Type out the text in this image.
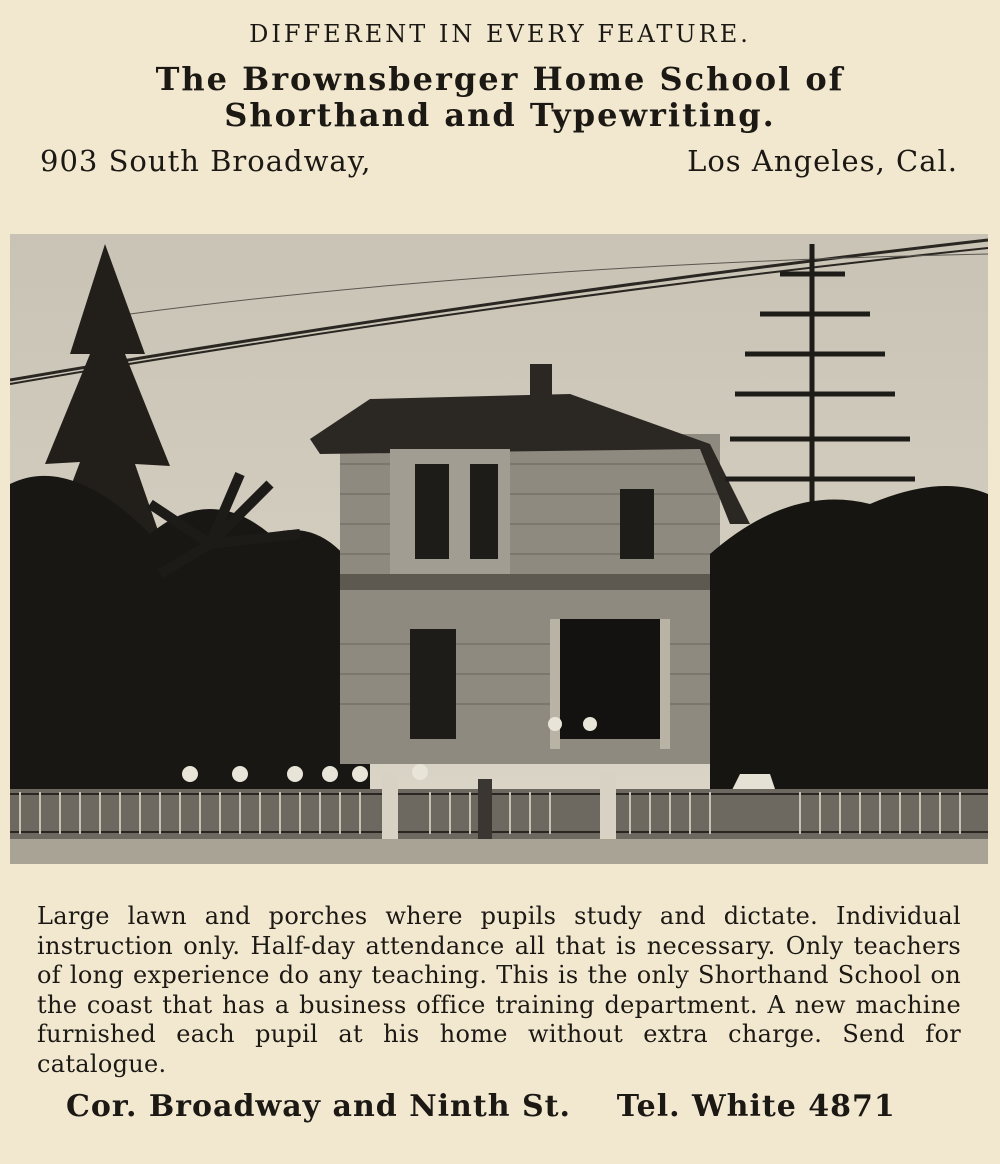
DIFFERENT IN EVERY FEATURE.
The Brownsberger Home School of
Shorthand and Typewriting.
903 South Broadway,	Los Angeles, Cal.
Large lawn and porches where pupils study and dictate. Individual instruction only. Half-day attendance all that is necessary. Only teachers of long experience do any teaching. This is the only Shorthand School on the coast that has a business office training department. A new machine furnished each pupil at his home without extra charge. Send for catalogue.
Cor. Broadway and Ninth St. Tel. White 4871
